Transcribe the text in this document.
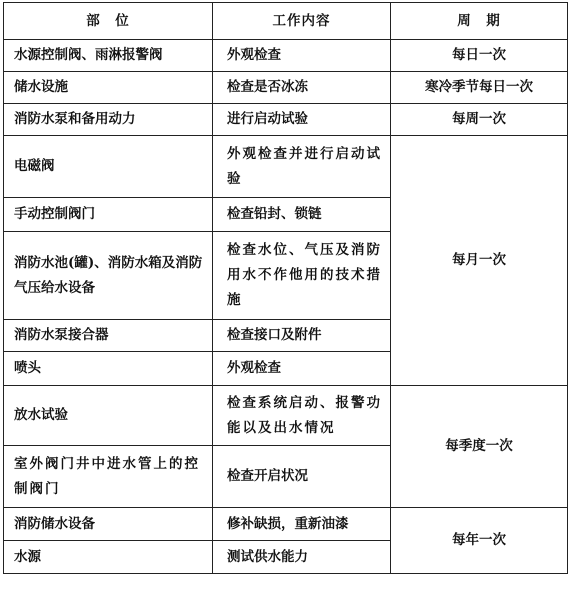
部　位	工作内容	周　期
水源控制阀、雨淋报警阀	外观检查	每日一次
储水设施	检查是否冰冻	寒冷季节每日一次
消防水泵和备用动力	进行启动试验	每周一次
电磁阀	外观检查并进行启动试验	每月一次
手动控制阀门	检查铅封、锁链	
消防水池(罐)、消防水箱及消防气压给水设备	检查水位、气压及消防用水不作他用的技术措施	
消防水泵接合器	检查接口及附件	
喷头	外观检查	
放水试验	检查系统启动、报警功能以及出水情况	每季度一次
室外阀门井中进水管上的控制阀门	检查开启状况	
消防储水设备	修补缺损，重新油漆	每年一次
水源	测试供水能力	
